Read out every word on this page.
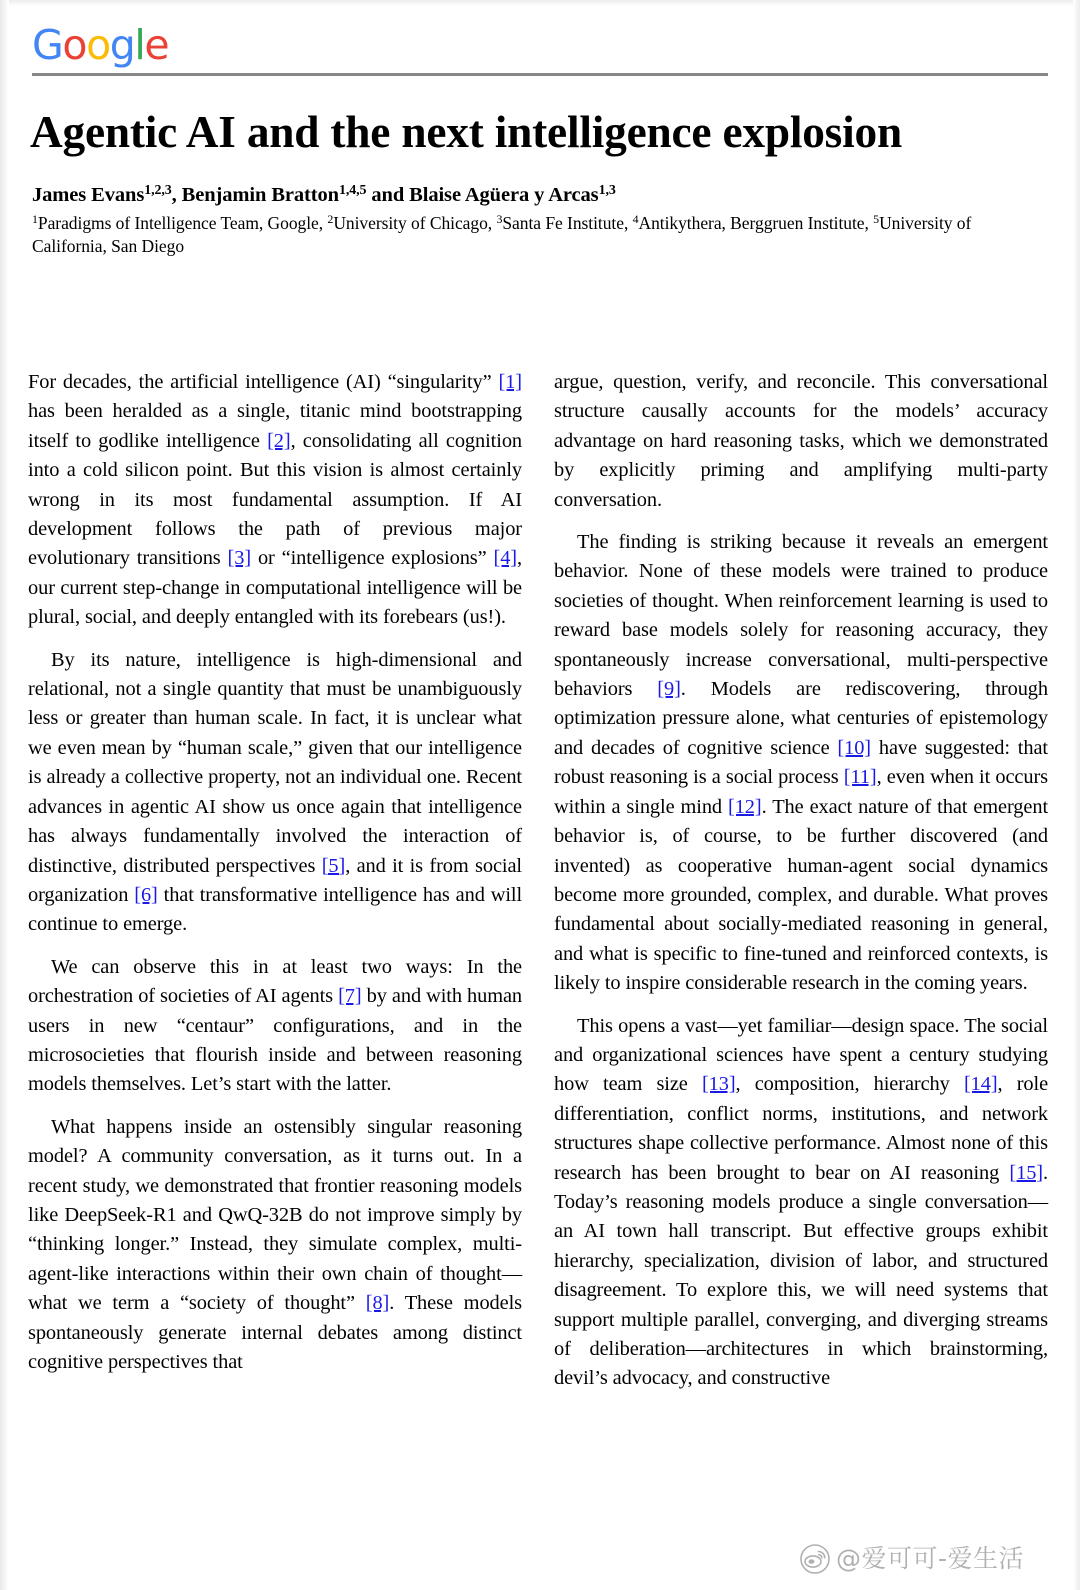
Google
Agentic AI and the next intelligence explosion
James Evans$^{1,2,3}$, Benjamin Bratton$^{1,4,5}$ and Blaise Agüera y Arcas$^{1,3}$
$^1$Paradigms of Intelligence Team, Google, $^2$University of Chicago, $^3$Santa Fe Institute, $^4$Antikythera, Berggruen Institute, $^5$University of California, San Diego

For decades, the artificial intelligence (AI) “singularity” [1] has been heralded as a single, titanic mind bootstrapping itself to godlike intelligence [2], consolidating all cognition into a cold silicon point. But this vision is almost certainly wrong in its most fundamental assumption. If AI development follows the path of previous major evolutionary transitions [3] or “intelligence explosions” [4], our current step-change in computational intelligence will be plural, social, and deeply entangled with its forebears (us!).

By its nature, intelligence is high-dimensional and relational, not a single quantity that must be unambiguously less or greater than human scale. In fact, it is unclear what we even mean by “human scale,” given that our intelligence is already a collective property, not an individual one. Recent advances in agentic AI show us once again that intelligence has always fundamentally involved the interaction of distinctive, distributed perspectives [5], and it is from social organization [6] that transformative intelligence has and will continue to emerge.

We can observe this in at least two ways: In the orchestration of societies of AI agents [7] by and with human users in new “centaur” configurations, and in the microsocieties that flourish inside and between reasoning models themselves. Let’s start with the latter.

What happens inside an ostensibly singular reasoning model? A community conversation, as it turns out. In a recent study, we demonstrated that frontier reasoning models like DeepSeek-R1 and QwQ-32B do not improve simply by “thinking longer.” Instead, they simulate complex, multi-agent-like interactions within their own chain of thought—what we term a “society of thought” [8]. These models spontaneously generate internal debates among distinct cognitive perspectives that

argue, question, verify, and reconcile. This conversational structure causally accounts for the models’ accuracy advantage on hard reasoning tasks, which we demonstrated by explicitly priming and amplifying multi-party conversation.

The finding is striking because it reveals an emergent behavior. None of these models were trained to produce societies of thought. When reinforcement learning is used to reward base models solely for reasoning accuracy, they spontaneously increase conversational, multi-perspective behaviors [9]. Models are rediscovering, through optimization pressure alone, what centuries of epistemology and decades of cognitive science [10] have suggested: that robust reasoning is a social process [11], even when it occurs within a single mind [12]. The exact nature of that emergent behavior is, of course, to be further discovered (and invented) as cooperative human-agent social dynamics become more grounded, complex, and durable. What proves fundamental about socially-mediated reasoning in general, and what is specific to fine-tuned and reinforced contexts, is likely to inspire considerable research in the coming years.

This opens a vast—yet familiar—design space. The social and organizational sciences have spent a century studying how team size [13], composition, hierarchy [14], role differentiation, conflict norms, institutions, and network structures shape collective performance. Almost none of this research has been brought to bear on AI reasoning [15]. Today’s reasoning models produce a single conversation—an AI town hall transcript. But effective groups exhibit hierarchy, specialization, division of labor, and structured disagreement. To explore this, we will need systems that support multiple parallel, converging, and diverging streams of deliberation—architectures in which brainstorming, devil’s advocacy, and constructive

@爱可可-爱生活
